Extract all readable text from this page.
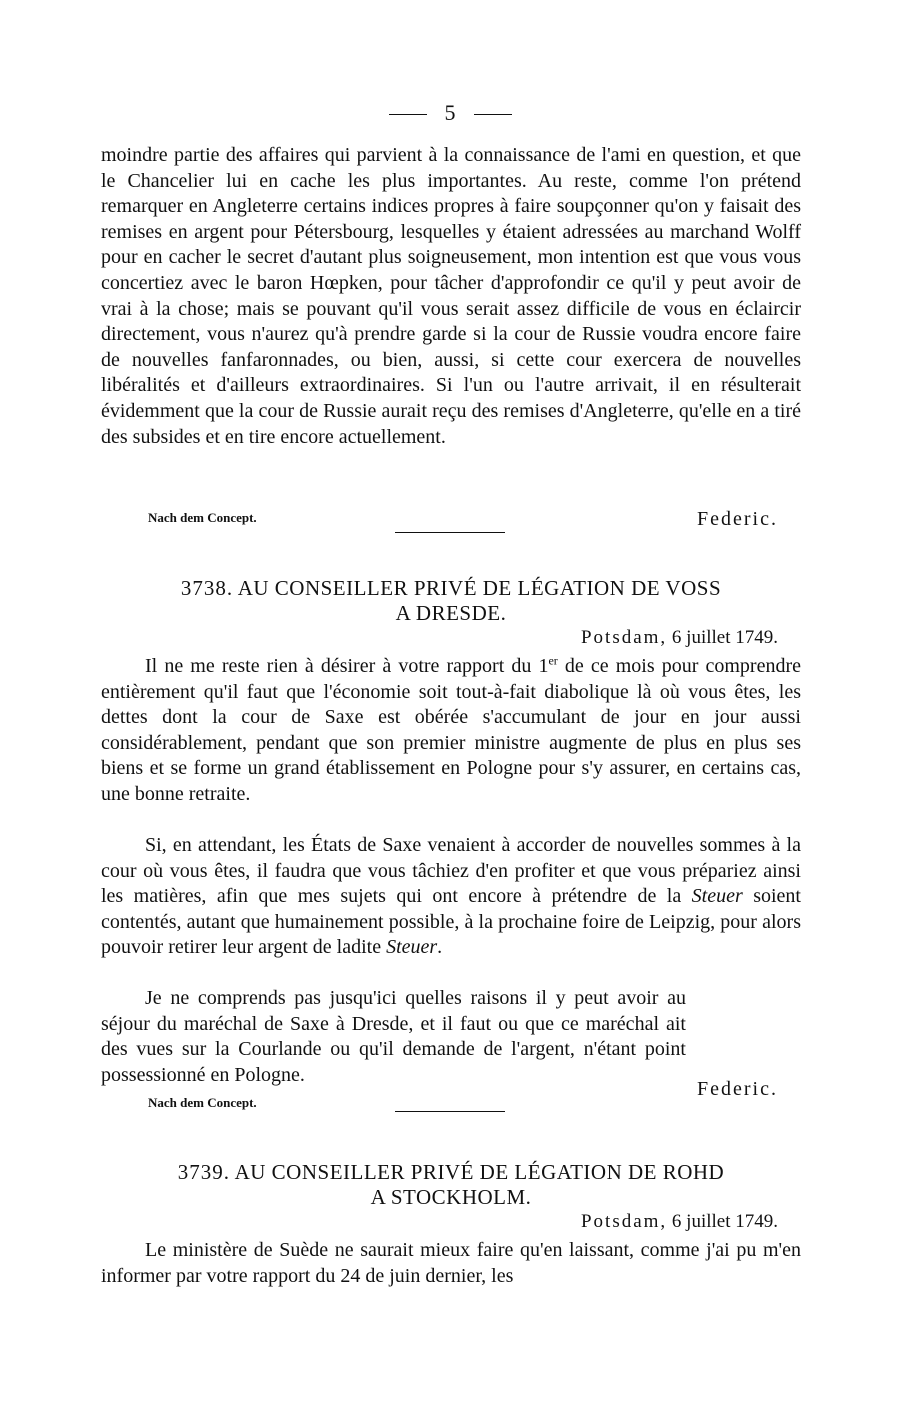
5

moindre partie des affaires qui parvient à la connaissance de l'ami en question, et que le Chancelier lui en cache les plus importantes. Au reste, comme l'on prétend remarquer en Angleterre certains indices propres à faire soupçonner qu'on y faisait des remises en argent pour Pétersbourg, lesquelles y étaient adressées au marchand Wolff pour en cacher le secret d'autant plus soigneusement, mon intention est que vous vous concertiez avec le baron Hœpken, pour tâcher d'approfondir ce qu'il y peut avoir de vrai à la chose; mais se pouvant qu'il vous serait assez difficile de vous en éclaircir directement, vous n'aurez qu'à prendre garde si la cour de Russie voudra encore faire de nouvelles fanfaronnades, ou bien, aussi, si cette cour exercera de nouvelles libéralités et d'ailleurs extraordinaires. Si l'un ou l'autre arrivait, il en résulterait évidemment que la cour de Russie aurait reçu des remises d'Angleterre, qu'elle en a tiré des subsides et en tire encore actuellement.

Nach dem Concept.	Federic.
3738. AU CONSEILLER PRIVÉ DE LÉGATION DE VOSS
A DRESDE.
Potsdam, 6 juillet 1749.

Il ne me reste rien à désirer à votre rapport du 1er de ce mois pour comprendre entièrement qu'il faut que l'économie soit tout-à-fait diabolique là où vous êtes, les dettes dont la cour de Saxe est obérée s'accumulant de jour en jour aussi considérablement, pendant que son premier ministre augmente de plus en plus ses biens et se forme un grand établissement en Pologne pour s'y assurer, en certains cas, une bonne retraite.

Si, en attendant, les États de Saxe venaient à accorder de nouvelles sommes à la cour où vous êtes, il faudra que vous tâchiez d'en profiter et que vous prépariez ainsi les matières, afin que mes sujets qui ont encore à prétendre de la Steuer soient contentés, autant que humainement possible, à la prochaine foire de Leipzig, pour alors pouvoir retirer leur argent de ladite Steuer.

Je ne comprends pas jusqu'ici quelles raisons il y peut avoir au séjour du maréchal de Saxe à Dresde, et il faut ou que ce maréchal ait des vues sur la Courlande ou qu'il demande de l'argent, n'étant point possessionné en Pologne.

Nach dem Concept.
Federic.
3739. AU CONSEILLER PRIVÉ DE LÉGATION DE ROHD
A STOCKHOLM.
Potsdam, 6 juillet 1749.

Le ministère de Suède ne saurait mieux faire qu'en laissant, comme j'ai pu m'en informer par votre rapport du 24 de juin dernier, les
